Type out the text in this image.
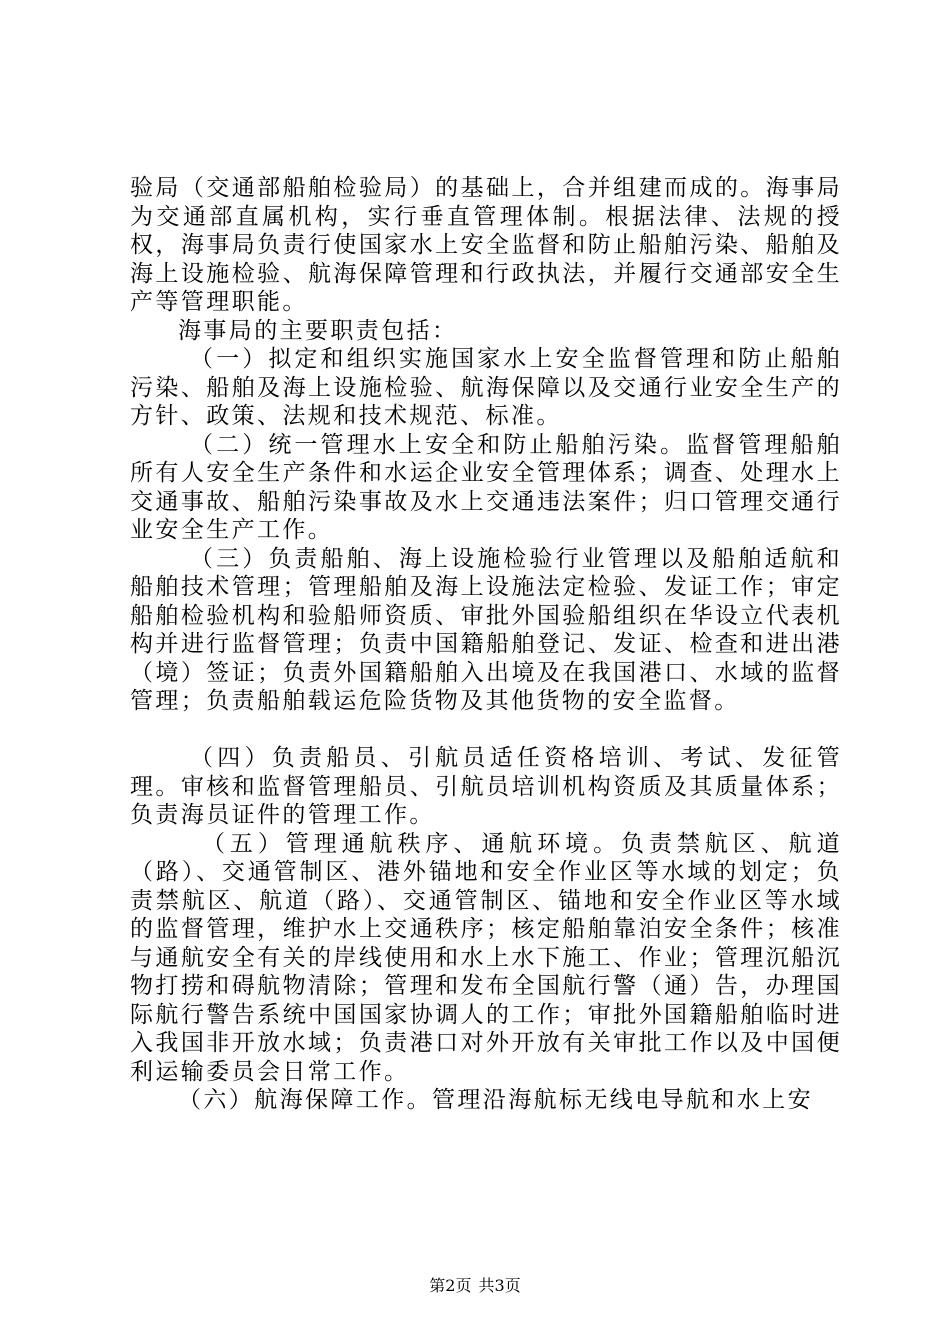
验局（交通部船舶检验局）的基础上，合并组建而成的。海事局为交通部直属机构，实行垂直管理体制。根据法律、法规的授权，海事局负责行使国家水上安全监督和防止船舶污染、船舶及海上设施检验、航海保障管理和行政执法，并履行交通部安全生产等管理职能。

海事局的主要职责包括：

（一）拟定和组织实施国家水上安全监督管理和防止船舶污染、船舶及海上设施检验、航海保障以及交通行业安全生产的方针、政策、法规和技术规范、标准。

（二）统一管理水上安全和防止船舶污染。监督管理船舶所有人安全生产条件和水运企业安全管理体系；调查、处理水上交通事故、船舶污染事故及水上交通违法案件；归口管理交通行业安全生产工作。

（三）负责船舶、海上设施检验行业管理以及船舶适航和船舶技术管理；管理船舶及海上设施法定检验、发证工作；审定船舶检验机构和验船师资质、审批外国验船组织在华设立代表机构并进行监督管理；负责中国籍船舶登记、发证、检查和进出港（境）签证；负责外国籍船舶入出境及在我国港口、水域的监督管理；负责船舶载运危险货物及其他货物的安全监督。

（四）负责船员、引航员适任资格培训、考试、发征管理。审核和监督管理船员、引航员培训机构资质及其质量体系；负责海员证件的管理工作。

（五）管理通航秩序、通航环境。负责禁航区、航道（路）、交通管制区、港外锚地和安全作业区等水域的划定；负责禁航区、航道（路）、交通管制区、锚地和安全作业区等水域的监督管理，维护水上交通秩序；核定船舶靠泊安全条件；核准与通航安全有关的岸线使用和水上水下施工、作业；管理沉船沉物打捞和碍航物清除；管理和发布全国航行警（通）告，办理国际航行警告系统中国国家协调人的工作；审批外国籍船舶临时进入我国非开放水域；负责港口对外开放有关审批工作以及中国便利运输委员会日常工作。

（六）航海保障工作。管理沿海航标无线电导航和水上安

第2页 共3页
